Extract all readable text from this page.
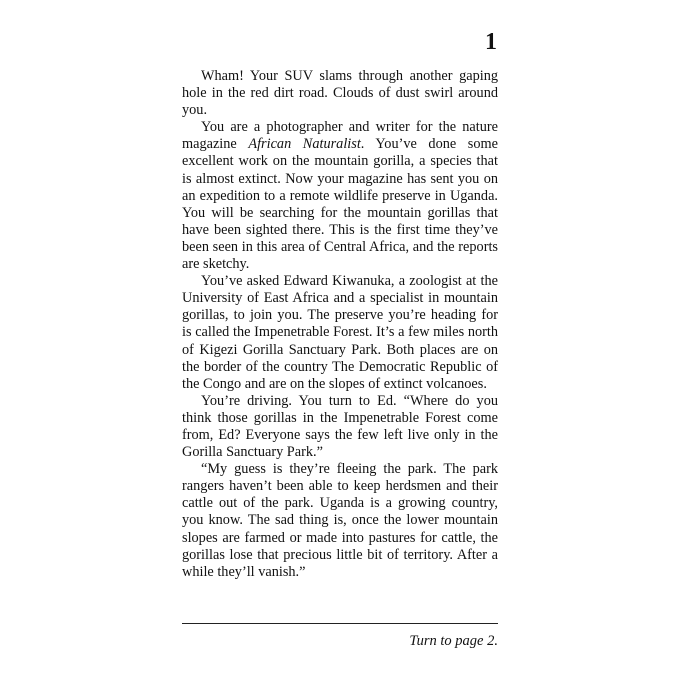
1

Wham! Your SUV slams through another gaping hole in the red dirt road. Clouds of dust swirl around you.

You are a photographer and writer for the nature magazine African Naturalist. You’ve done some excellent work on the mountain gorilla, a species that is almost extinct. Now your magazine has sent you on an expedition to a remote wildlife preserve in Uganda. You will be searching for the mountain gorillas that have been sighted there. This is the first time they’ve been seen in this area of Central Africa, and the reports are sketchy.

You’ve asked Edward Kiwanuka, a zoologist at the University of East Africa and a specialist in mountain gorillas, to join you. The preserve you’re heading for is called the Impenetrable Forest. It’s a few miles north of Kigezi Gorilla Sanctuary Park. Both places are on the border of the country The Democratic Republic of the Congo and are on the slopes of extinct volcanoes.

You’re driving. You turn to Ed. “Where do you think those gorillas in the Impenetrable Forest come from, Ed? Everyone says the few left live only in the Gorilla Sanctuary Park.”

“My guess is they’re fleeing the park. The park rangers haven’t been able to keep herdsmen and their cattle out of the park. Uganda is a growing country, you know. The sad thing is, once the lower mountain slopes are farmed or made into pastures for cattle, the gorillas lose that precious little bit of territory. After a while they’ll vanish.”

Turn to page 2.
